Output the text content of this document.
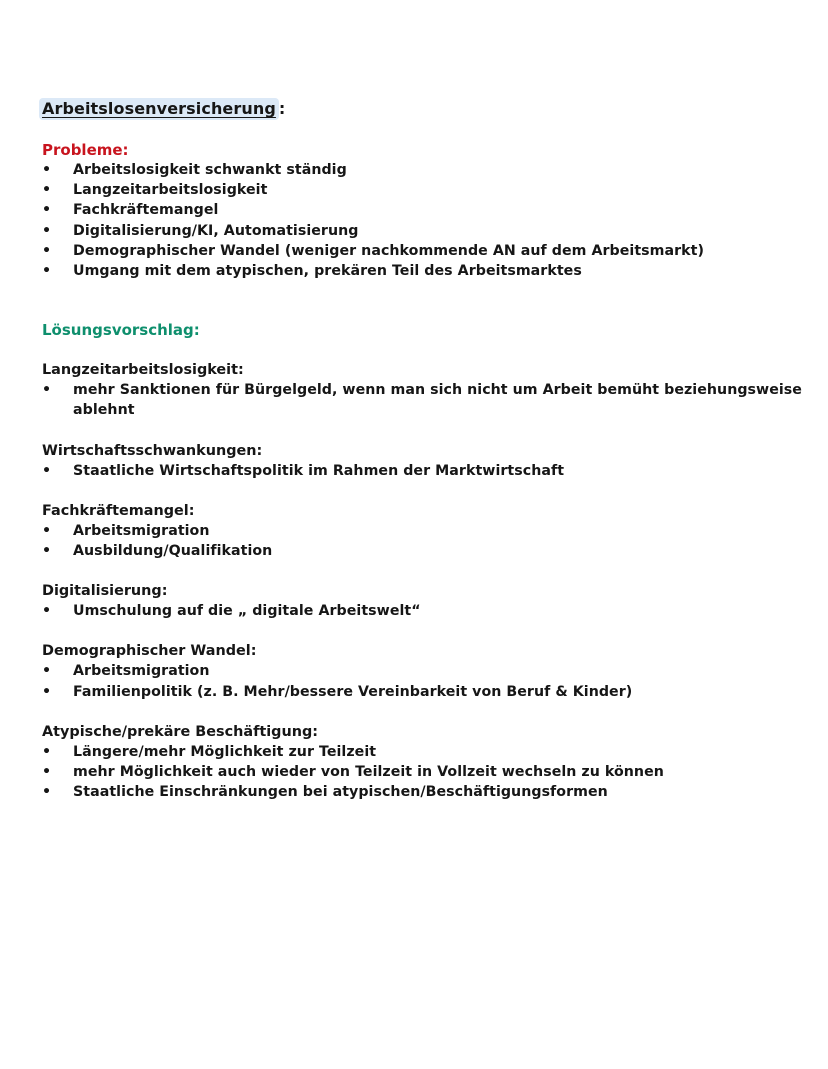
Arbeitslosenversicherung :
Probleme:
• Arbeitslosigkeit schwankt ständig
• Langzeitarbeitslosigkeit
• Fachkräftemangel
• Digitalisierung/KI, Automatisierung
• Demographischer Wandel (weniger nachkommende AN auf dem Arbeitsmarkt)
• Umgang mit dem atypischen, prekären Teil des Arbeitsmarktes
Lösungsvorschlag:
Langzeitarbeitslosigkeit:
• mehr Sanktionen für Bürgelgeld, wenn man sich nicht um Arbeit bemüht beziehungsweise ablehnt
Wirtschaftsschwankungen:
• Staatliche Wirtschaftspolitik im Rahmen der Marktwirtschaft
Fachkräftemangel:
• Arbeitsmigration
• Ausbildung/Qualifikation
Digitalisierung:
• Umschulung auf die „ digitale Arbeitswelt“
Demographischer Wandel:
• Arbeitsmigration
• Familienpolitik (z. B. Mehr/bessere Vereinbarkeit von Beruf & Kinder)
Atypische/prekäre Beschäftigung:
• Längere/mehr Möglichkeit zur Teilzeit
• mehr Möglichkeit auch wieder von Teilzeit in Vollzeit wechseln zu können
• Staatliche Einschränkungen bei atypischen/Beschäftigungsformen
